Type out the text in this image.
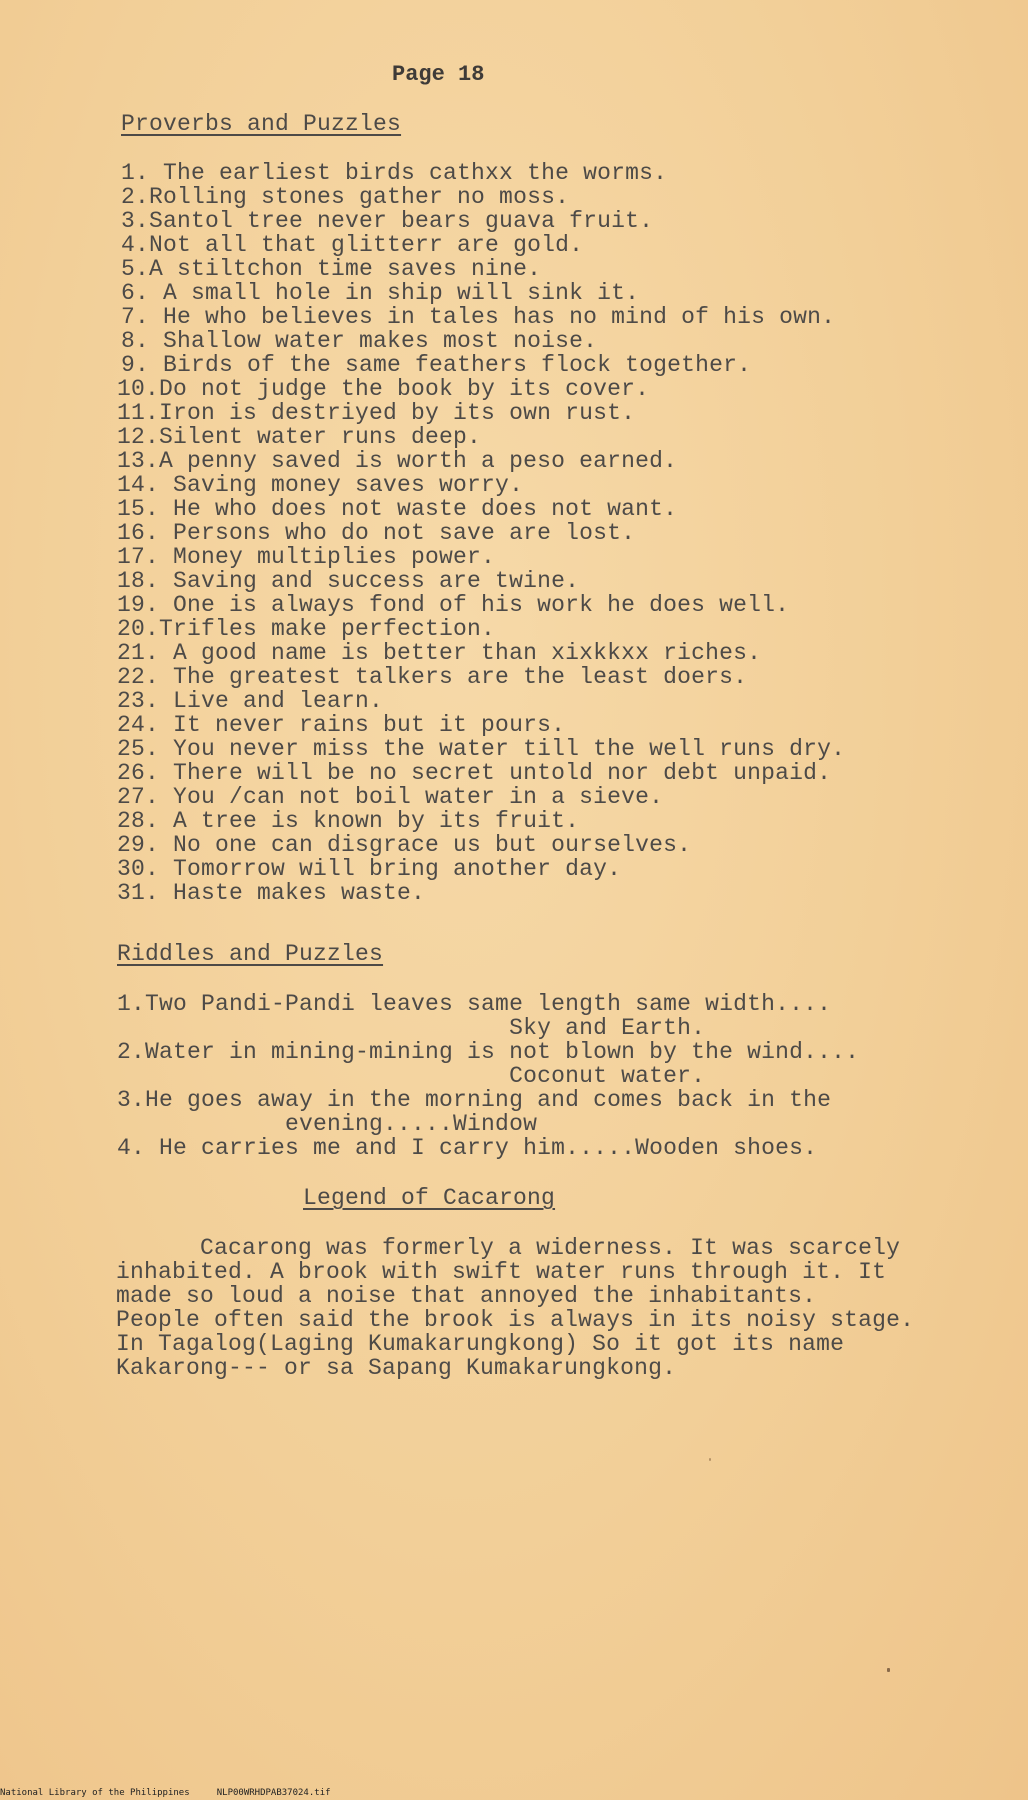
Page 18
Proverbs and Puzzles
1. The earliest birds cathxx the worms.
2.Rolling stones gather no moss.
3.Santol tree never bears guava fruit.
4.Not all that glitterr are gold.
5.A stiltchon time saves nine.
6. A small hole in ship will sink it.
7. He who believes in tales has no mind of his own.
8. Shallow water makes most noise.
9. Birds of the same feathers flock together.
10.Do not judge the book by its cover.
11.Iron is destriyed by its own rust.
12.Silent water runs deep.
13.A penny saved is worth a peso earned.
14. Saving money saves worry.
15. He who does not waste does not want.
16. Persons who do not save are lost.
17. Money multiplies power.
18. Saving and success are twine.
19. One is always fond of his work he does well.
20.Trifles make perfection.
21. A good name is better than xixkkxx riches.
22. The greatest talkers are the least doers.
23. Live and learn.
24. It never rains but it pours.
25. You never miss the water till the well runs dry.
26. There will be no secret untold nor debt unpaid.
27. You /can not boil water in a sieve.
28. A tree is known by its fruit.
29. No one can disgrace us but ourselves.
30. Tomorrow will bring another day.
31. Haste makes waste.
Riddles and Puzzles
1.Two Pandi-Pandi leaves same length same width....
Sky and Earth.
2.Water in mining-mining is not blown by the wind....
Coconut water.
3.He goes away in the morning and comes back in the
evening.....Window
4. He carries me and I carry him.....Wooden shoes.
Legend of Cacarong
Cacarong was formerly a widerness. It was scarcely
inhabited. A brook with swift water runs through it. It
made so loud a noise that annoyed the inhabitants.
People often said the brook is always in its noisy stage.
In Tagalog(Laging Kumakarungkong) So it got its name
Kakarong--- or sa Sapang Kumakarungkong.
National Library of the Philippines     NLP00WRHDPAB37024.tif
